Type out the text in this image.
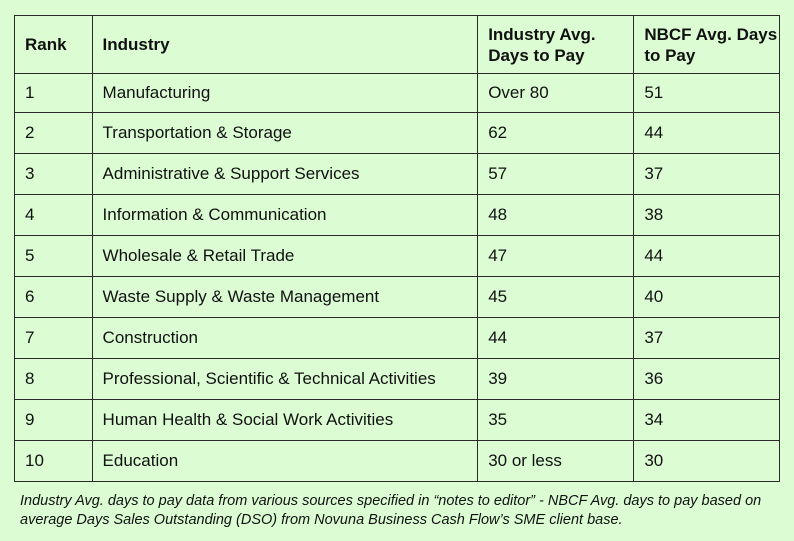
Rank	Industry	Industry Avg. Days to Pay	NBCF Avg. Days to Pay
1	Manufacturing	Over 80	51
2	Transportation & Storage	62	44
3	Administrative & Support Services	57	37
4	Information & Communication	48	38
5	Wholesale & Retail Trade	47	44
6	Waste Supply & Waste Management	45	40
7	Construction	44	37
8	Professional, Scientific & Technical Activities	39	36
9	Human Health & Social Work Activities	35	34
10	Education	30 or less	30
Industry Avg. days to pay data from various sources specified in “notes to editor” - NBCF Avg. days to pay based on average Days Sales Outstanding (DSO) from Novuna Business Cash Flow’s SME client base.
